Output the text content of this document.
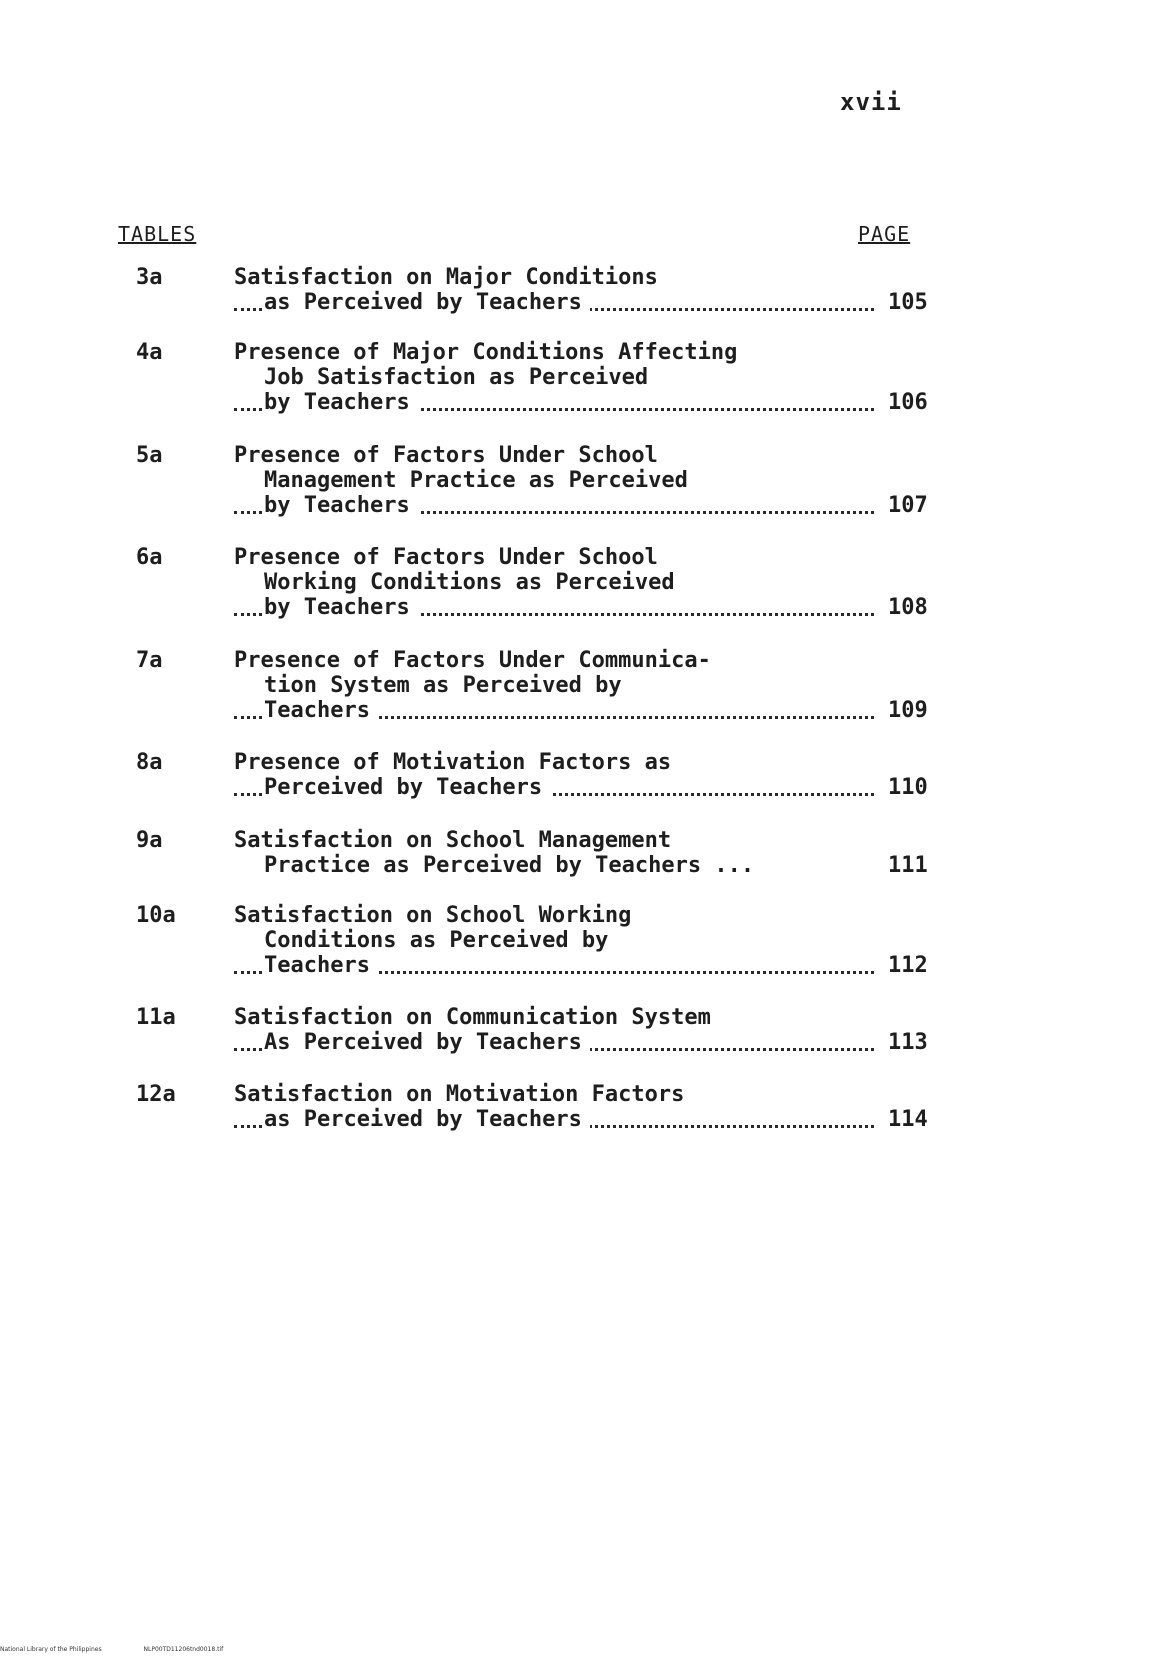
xvii
TABLES	PAGE
3a	Satisfaction on Major Conditions
as Perceived by Teachers	105
4a	Presence of Major Conditions Affecting
Job Satisfaction as Perceived
by Teachers	106
5a	Presence of Factors Under School
Management Practice as Perceived
by Teachers	107
6a	Presence of Factors Under School
Working Conditions as Perceived
by Teachers	108
7a	Presence of Factors Under Communica-
tion System as Perceived by
Teachers	109
8a	Presence of Motivation Factors as
Perceived by Teachers	110
9a	Satisfaction on School Management
Practice as Perceived by Teachers ...	111
10a	Satisfaction on School Working
Conditions as Perceived by
Teachers	112
11a	Satisfaction on Communication System
As Perceived by Teachers	113
12a	Satisfaction on Motivation Factors
as Perceived by Teachers	114
National Library of the Philippines	NLP00TD11206tnd0018.tif
